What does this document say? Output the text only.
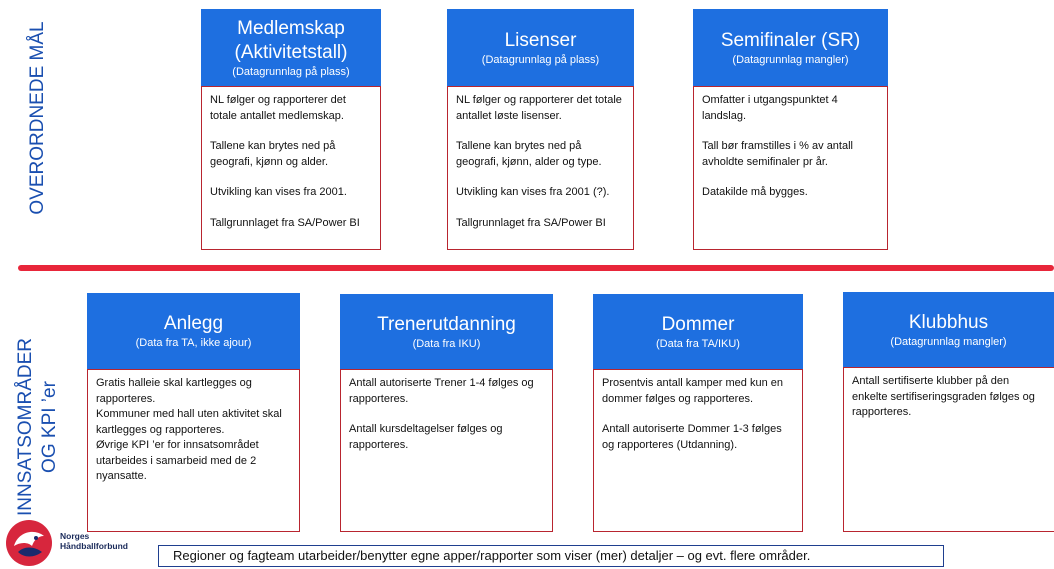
OVERORDNEDE MÅL
INNSATSOMRÅDER OG KPI ’er
Medlemskap
(Aktivitetstall)
(Datagrunnlag på plass)

NL følger og rapporterer det totale antallet medlemskap.

Tallene kan brytes ned på geografi, kjønn og alder.

Utvikling kan vises fra 2001.

Tallgrunnlaget fra SA/Power BI

Lisenser
(Datagrunnlag på plass)

NL følger og rapporterer det totale antallet løste lisenser.

Tallene kan brytes ned på geografi, kjønn, alder og type.

Utvikling kan vises fra 2001 (?).

Tallgrunnlaget fra SA/Power BI

Semifinaler (SR)
(Datagrunnlag mangler)

Omfatter i utgangspunktet 4 landslag.

Tall bør framstilles i % av antall avholdte semifinaler pr år.

Datakilde må bygges.

Anlegg
(Data fra TA, ikke ajour)

Gratis halleie skal kartlegges og rapporteres.

Kommuner med hall uten aktivitet skal kartlegges og rapporteres.

Øvrige KPI ’er for innsatsområdet utarbeides i samarbeid med de 2 nyansatte.

Trenerutdanning
(Data fra IKU)

Antall autoriserte Trener 1-4 følges og rapporteres.

Antall kursdeltagelser følges og rapporteres.

Dommer
(Data fra TA/IKU)

Prosentvis antall kamper med kun en dommer følges og rapporteres.

Antall autoriserte Dommer 1-3 følges og rapporteres (Utdanning).

Klubbhus
(Datagrunnlag mangler)

Antall sertifiserte klubber på den enkelte sertifiseringsgraden følges og rapporteres.

Norges
Håndballforbund
Regioner og fagteam utarbeider/benytter egne apper/rapporter som viser (mer) detaljer – og evt. flere områder.
